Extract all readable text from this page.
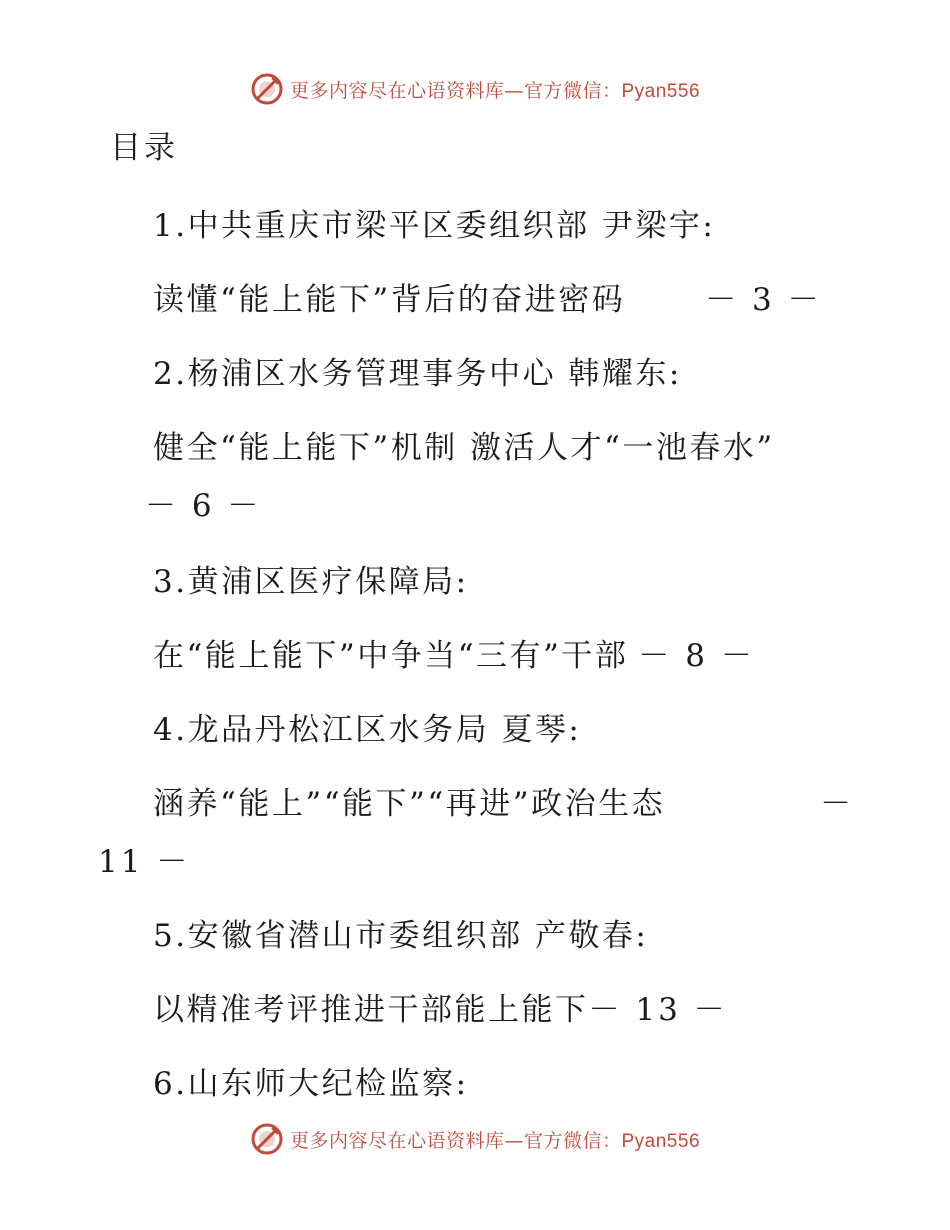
更多内容尽在心语资料库—官方微信：Pyan556
目录
1.中共重庆市梁平区委组织部 尹梁宇:
读懂“能上能下”背后的奋进密码	－ 3 －
2.杨浦区水务管理事务中心 韩耀东:
健全“能上能下”机制 激活人才“一池春水”
－ 6 －
3.黄浦区医疗保障局:
在“能上能下”中争当“三有”干部 － 8 －
4.龙品丹松江区水务局 夏琴:
涵养“能上”“能下”“再进”政治生态	－
11 －
5.安徽省潜山市委组织部 产敬春:
以精准考评推进干部能上能下－ 13 －
6.山东师大纪检监察:
更多内容尽在心语资料库—官方微信：Pyan556
